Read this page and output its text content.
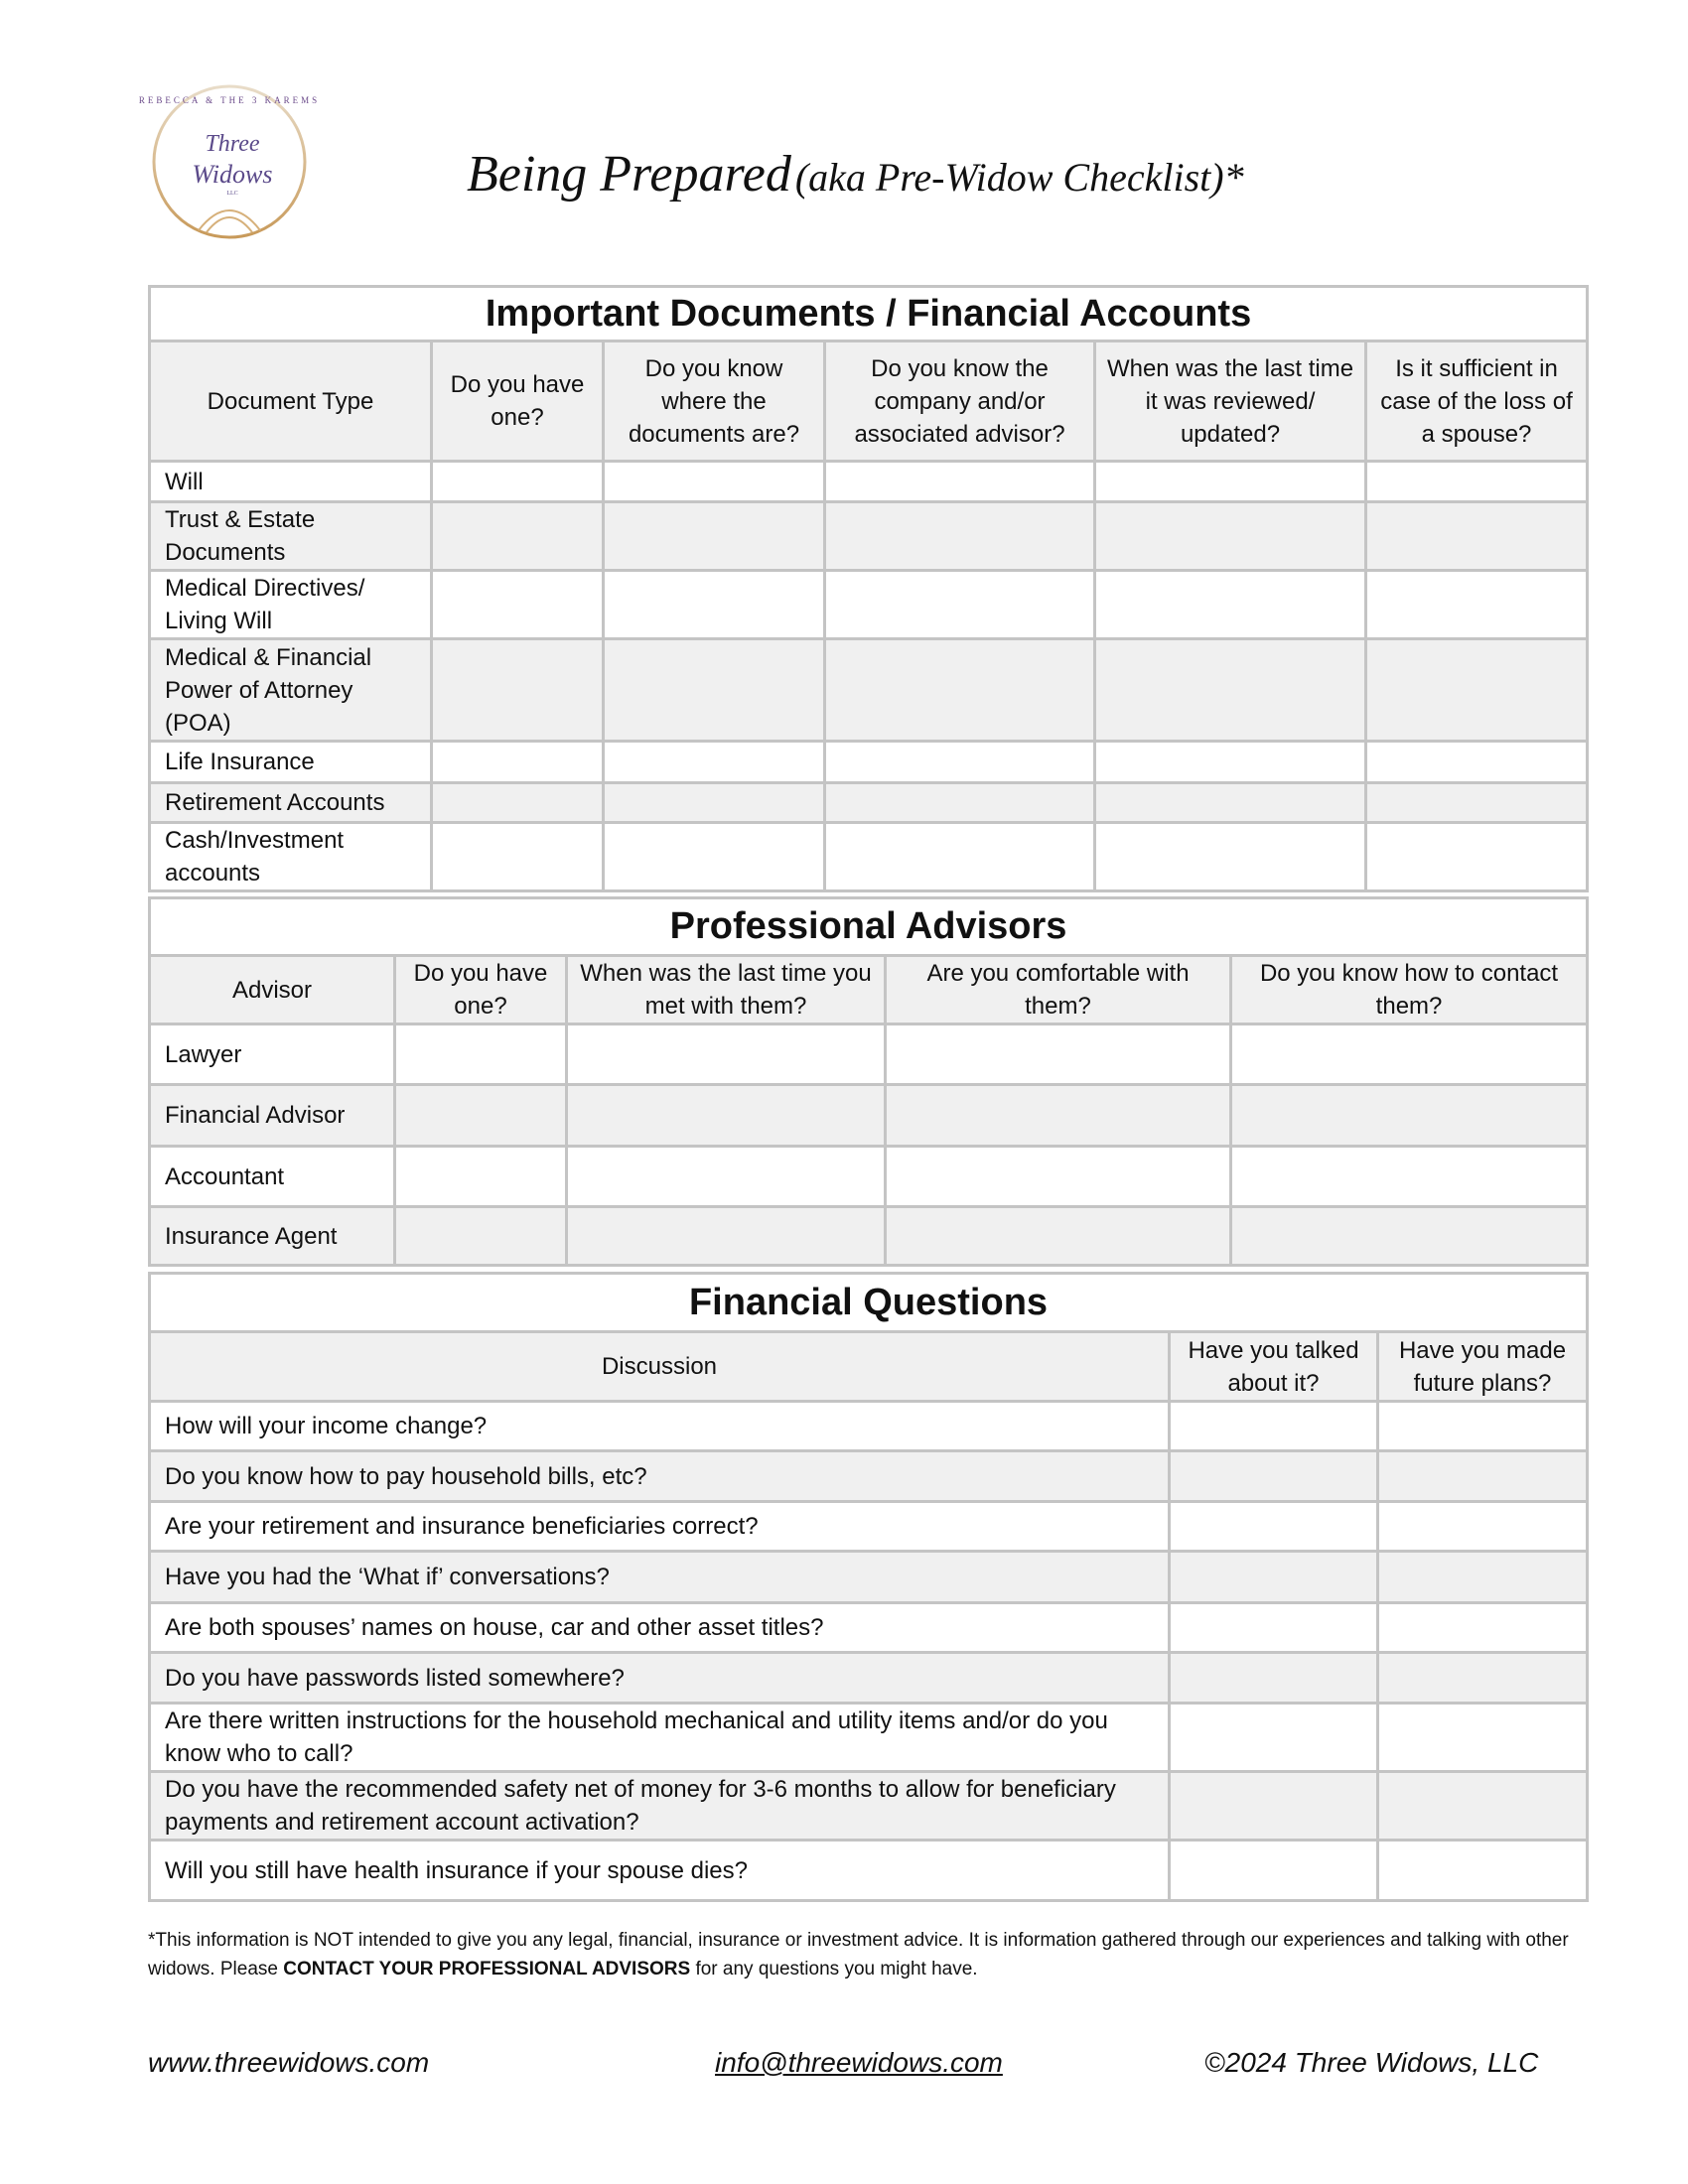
REBECCA & THE 3 KAREMS
Three
Widows
LLC	Being Prepared (aka Pre-Widow Checklist)*
Important Documents / Financial Accounts					
Document Type	Do you have one?	Do you know where the documents are?	Do you know the company and/or associated advisor?	When was the last time it was reviewed/ updated?	Is it sufficient in case of the loss of a spouse?
Will					
Trust & Estate Documents					
Medical Directives/ Living Will					
Medical & Financial Power of Attorney (POA)					
Life Insurance					
Retirement Accounts					
Cash/Investment accounts					
Professional Advisors				
Advisor	Do you have one?	When was the last time you met with them?	Are you comfortable with them?	Do you know how to contact them?
Lawyer				
Financial Advisor				
Accountant				
Insurance Agent				
Financial Questions		
Discussion	Have you talked about it?	Have you made future plans?
How will your income change?		
Do you know how to pay household bills, etc?		
Are your retirement and insurance beneficiaries correct?		
Have you had the ‘What if’ conversations?		
Are both spouses’ names on house, car and other asset titles?		
Do you have passwords listed somewhere?		
Are there written instructions for the household mechanical and utility items and/or do you know who to call?		
Do you have the recommended safety net of money for 3-6 months to allow for beneficiary payments and retirement account activation?		
Will you still have health insurance if your spouse dies?		
*This information is NOT intended to give you any legal, financial, insurance or investment advice. It is information gathered through our experiences and talking with other widows. Please CONTACT YOUR PROFESSIONAL ADVISORS for any questions you might have.
www.threewidows.com	info@threewidows.com	©2024 Three Widows, LLC
